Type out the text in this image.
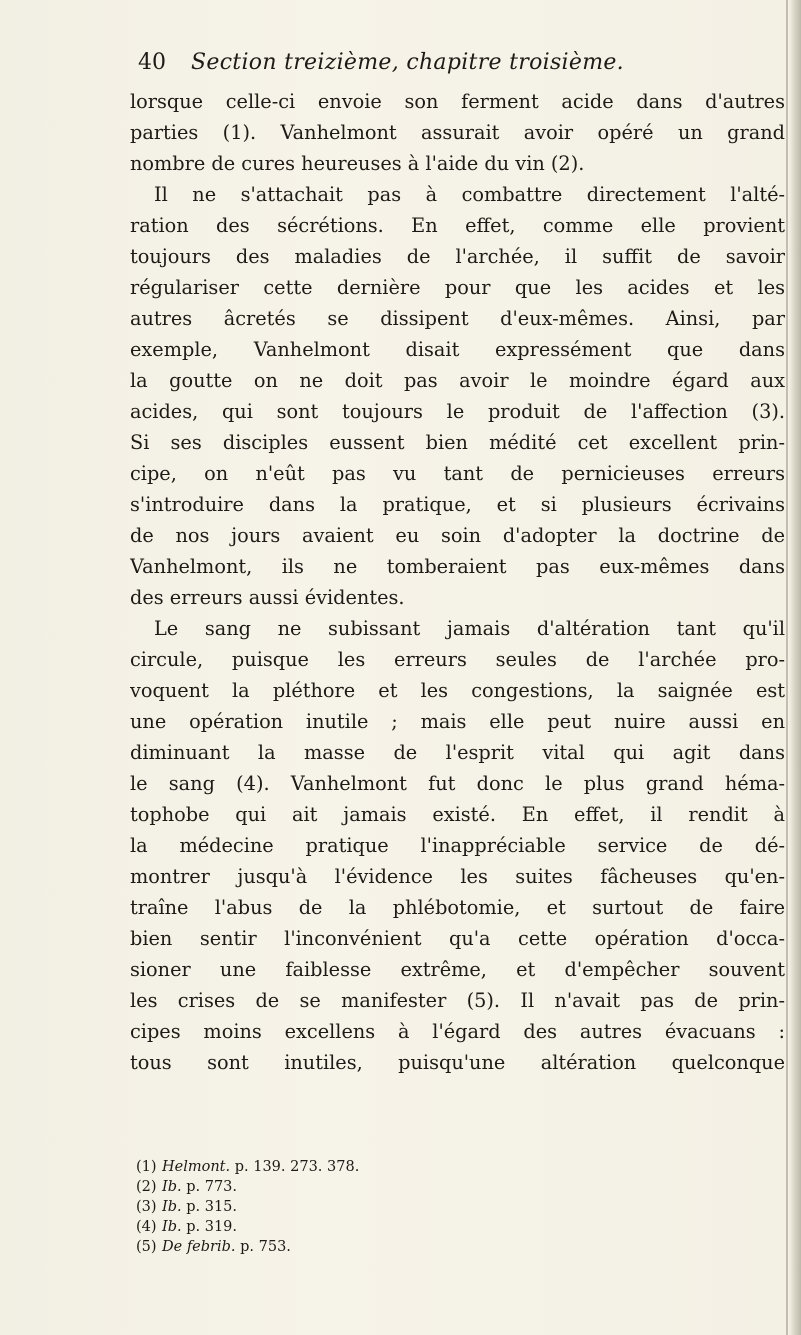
40 Section treizième, chapitre troisième.
lorsque celle-ci envoie son ferment acide dans d'autres
parties (1). Vanhelmont assurait avoir opéré un grand
nombre de cures heureuses à l'aide du vin (2).
Il ne s'attachait pas à combattre directement l'alté-
ration des sécrétions. En effet, comme elle provient
toujours des maladies de l'archée, il suffit de savoir
régulariser cette dernière pour que les acides et les
autres âcretés se dissipent d'eux-mêmes. Ainsi, par
exemple, Vanhelmont disait expressément que dans
la goutte on ne doit pas avoir le moindre égard aux
acides, qui sont toujours le produit de l'affection (3).
Si ses disciples eussent bien médité cet excellent prin-
cipe, on n'eût pas vu tant de pernicieuses erreurs
s'introduire dans la pratique, et si plusieurs écrivains
de nos jours avaient eu soin d'adopter la doctrine de
Vanhelmont, ils ne tomberaient pas eux-mêmes dans
des erreurs aussi évidentes.
Le sang ne subissant jamais d'altération tant qu'il
circule, puisque les erreurs seules de l'archée pro-
voquent la pléthore et les congestions, la saignée est
une opération inutile ; mais elle peut nuire aussi en
diminuant la masse de l'esprit vital qui agit dans
le sang (4). Vanhelmont fut donc le plus grand héma-
tophobe qui ait jamais existé. En effet, il rendit à
la médecine pratique l'inappréciable service de dé-
montrer jusqu'à l'évidence les suites fâcheuses qu'en-
traîne l'abus de la phlébotomie, et surtout de faire
bien sentir l'inconvénient qu'a cette opération d'occa-
sioner une faiblesse extrême, et d'empêcher souvent
les crises de se manifester (5). Il n'avait pas de prin-
cipes moins excellens à l'égard des autres évacuans :
tous sont inutiles, puisqu'une altération quelconque
(1) Helmont. p. 139. 273. 378.
(2) Ib. p. 773.
(3) Ib. p. 315.
(4) Ib. p. 319.
(5) De febrib. p. 753.
